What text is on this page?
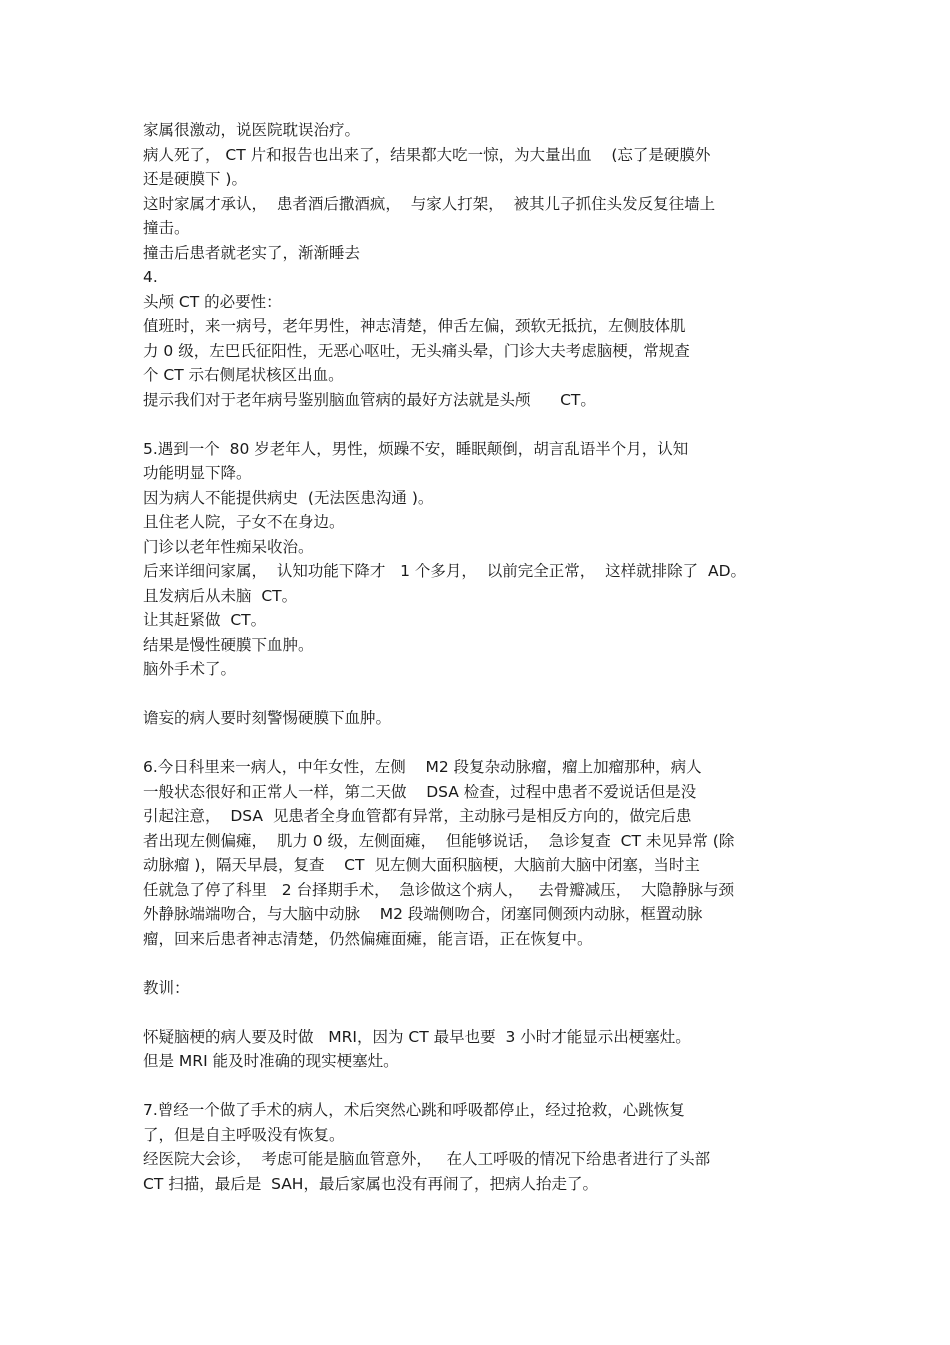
家属很激动，说医院耽误治疗。
病人死了， CT 片和报告也出来了，结果都大吃一惊，为大量出血    (忘了是硬膜外
还是硬膜下 )。
这时家属才承认，  患者酒后撒酒疯，  与家人打架，  被其儿子抓住头发反复往墙上
撞击。
撞击后患者就老实了，渐渐睡去
4.
头颅 CT 的必要性：
值班时，来一病号，老年男性，神志清楚，伸舌左偏，颈软无抵抗，左侧肢体肌
力 0 级，左巴氏征阳性，无恶心呕吐，无头痛头晕，门诊大夫考虑脑梗，常规查
个 CT 示右侧尾状核区出血。
提示我们对于老年病号鉴别脑血管病的最好方法就是头颅      CT。
5.遇到一个  80 岁老年人，男性，烦躁不安，睡眠颠倒，胡言乱语半个月，认知
功能明显下降。
因为病人不能提供病史  (无法医患沟通 )。
且住老人院，子女不在身边。
门诊以老年性痴呆收治。
后来详细问家属，  认知功能下降才   1 个多月，  以前完全正常，  这样就排除了  AD。
且发病后从未脑  CT。
让其赶紧做  CT。
结果是慢性硬膜下血肿。
脑外手术了。
谵妄的病人要时刻警惕硬膜下血肿。
6.今日科里来一病人，中年女性，左侧    M2 段复杂动脉瘤，瘤上加瘤那种，病人
一般状态很好和正常人一样，第二天做    DSA 检查，过程中患者不爱说话但是没
引起注意，  DSA  见患者全身血管都有异常，主动脉弓是相反方向的，做完后患
者出现左侧偏瘫，  肌力 0 级，左侧面瘫，  但能够说话，  急诊复查  CT 未见异常 (除
动脉瘤 )，隔天早晨，复查    CT  见左侧大面积脑梗，大脑前大脑中闭塞，当时主
任就急了停了科里   2 台择期手术，  急诊做这个病人，   去骨瓣减压，  大隐静脉与颈
外静脉端端吻合，与大脑中动脉    M2 段端侧吻合，闭塞同侧颈内动脉，框置动脉
瘤，回来后患者神志清楚，仍然偏瘫面瘫，能言语，正在恢复中。
教训：
怀疑脑梗的病人要及时做   MRI，因为 CT 最早也要  3 小时才能显示出梗塞灶。
但是 MRI 能及时准确的现实梗塞灶。
7.曾经一个做了手术的病人，术后突然心跳和呼吸都停止，经过抢救，心跳恢复
了，但是自主呼吸没有恢复。
经医院大会诊，  考虑可能是脑血管意外，   在人工呼吸的情况下给患者进行了头部
CT 扫描，最后是  SAH，最后家属也没有再闹了，把病人抬走了。
